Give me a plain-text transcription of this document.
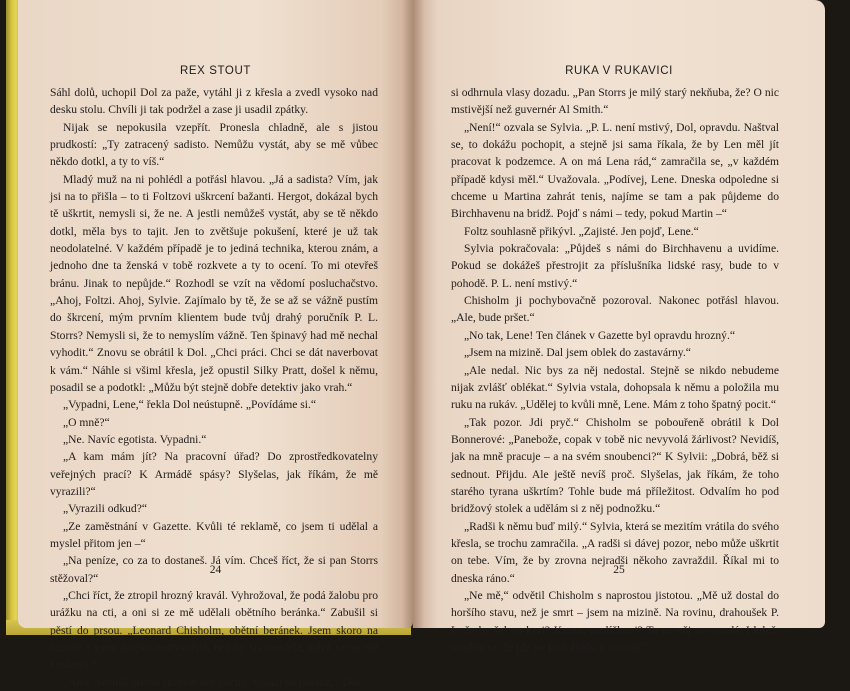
REX STOUT

Sáhl dolů, uchopil Dol za paže, vytáhl ji z křesla a zvedl vysoko nad desku stolu. Chvíli ji tak podržel a zase ji usadil zpátky.

Nijak se nepokusila vzepřít. Pronesla chladně, ale s jistou prudkostí: „Ty zatracený sadisto. Nemůžu vystát, aby se mě vůbec někdo dotkl, a ty to víš.“

Mladý muž na ni pohlédl a potřásl hlavou. „Já a sadista? Vím, jak jsi na to přišla – to ti Foltzovi uškrcení bažanti. Hergot, dokázal bych tě uškrtit, nemysli si, že ne. A jestli nemůžeš vystát, aby se tě někdo dotkl, měla bys to tajit. Jen to zvětšuje pokušení, které je už tak neodolatelné. V každém případě je to jediná technika, kterou znám, a jednoho dne ta ženská v tobě rozkvete a ty to ocení. To mi otevřeš bránu. Jinak to nepůjde.“ Rozhodl se vzít na vědomí posluchačstvo. „Ahoj, Foltzi. Ahoj, Sylvie. Zajímalo by tě, že se až se vážně pustím do škrcení, mým prvním klientem bude tvůj drahý poručník P. L. Storrs? Nemysli si, že to nemyslím vážně. Ten špinavý had mě nechal vyhodit.“ Znovu se obrátil k Dol. „Chci práci. Chci se dát naverbovat k vám.“ Náhle si všiml křesla, jež opustil Silky Pratt, došel k němu, posadil se a podotkl: „Můžu být stejně dobře detektiv jako vrah.“

„Vypadni, Lene,“ řekla Dol neústupně. „Povídáme si.“

„O mně?“

„Ne. Navíc egotista. Vypadni.“

„A kam mám jít? Na pracovní úřad? Do zprostředkovatelny veřejných prací? K Armádě spásy? Slyšelas, jak říkám, že mě vyrazili?“

„Vyrazili odkud?“

„Ze zaměstnání v Gazette. Kvůli té reklamě, co jsem ti udělal a myslel přitom jen –“

„Na peníze, co za to dostaneš. Já vím. Chceš říct, že si pan Storrs stěžoval?“

„Chci říct, že ztropil hrozný kravál. Vyhrožoval, že podá žalobu pro urážku na cti, a oni si ze mě udělali obětního beránka.“ Zabušil si pěstí do prsou. „Leonard Chisholm, obětní beránek. Jsem skoro na mizině a jsem daleko naštvanější, než by sis myslela, když se na mě koukneš.“

„Ano. Nesmíš takhle skrývat své pocity. Vyrazí na povrch.“ Dol

24
RUKA V RUKAVICI

si odhrnula vlasy dozadu. „Pan Storrs je milý starý nekňuba, že? O nic mstivější než guvernér Al Smith.“

„Není!“ ozvala se Sylvia. „P. L. není mstivý, Dol, opravdu. Naštval se, to dokážu pochopit, a stejně jsi sama říkala, že by Len měl jít pracovat k podzemce. A on má Lena rád,“ zamračila se, „v každém případě kdysi měl.“ Uvažovala. „Podívej, Lene. Dneska odpoledne si chceme u Martina zahrát tenis, najíme se tam a pak půjdeme do Birchhavenu na bridž. Pojď s námi – tedy, pokud Martin –“

Foltz souhlasně přikývl. „Zajisté. Jen pojď, Lene.“

Sylvia pokračovala: „Půjdeš s námi do Birchhavenu a uvidíme. Pokud se dokážeš přestrojit za příslušníka lidské rasy, bude to v pohodě. P. L. není mstivý.“

Chisholm ji pochybovačně pozoroval. Nakonec potřásl hlavou. „Ale, bude pršet.“

„No tak, Lene! Ten článek v Gazette byl opravdu hrozný.“

„Jsem na mizině. Dal jsem oblek do zastavárny.“

„Ale nedal. Nic bys za něj nedostal. Stejně se nikdo nebudeme nijak zvlášť oblékat.“ Sylvia vstala, dohopsala k němu a položila mu ruku na rukáv. „Udělej to kvůli mně, Lene. Mám z toho špatný pocit.“

„Tak pozor. Jdi pryč.“ Chisholm se pobouřeně obrátil k Dol Bonnerové: „Panebože, copak v tobě nic nevyvolá žárlivost? Nevidíš, jak na mně pracuje – a na svém snoubenci?“ K Sylvii: „Dobrá, běž si sednout. Přijdu. Ale ještě nevíš proč. Slyšelas, jak říkám, že toho starého tyrana uškrtím? Tohle bude má příležitost. Odvalím ho pod bridžový stolek a udělám si z něj podnožku.“

„Radši k němu buď milý.“ Sylvia, která se mezitím vrátila do svého křesla, se trochu zamračila. „A radši si dávej pozor, nebo může uškrtit on tebe. Vím, že by zrovna nejradši někoho zavraždil. Říkal mi to dneska ráno.“

„Ne mě,“ odvětil Chisholm s naprostou jistotou. „Mě už dostal do horšího stavu, než je smrt – jsem na mizině. Na rovinu, drahoušek P. L. že by šel po krvi? Komu, poslíčkovi? To na něj nevypadá. I když, vsadím se, že jde po Dol. Budu ji chránit.“

25
